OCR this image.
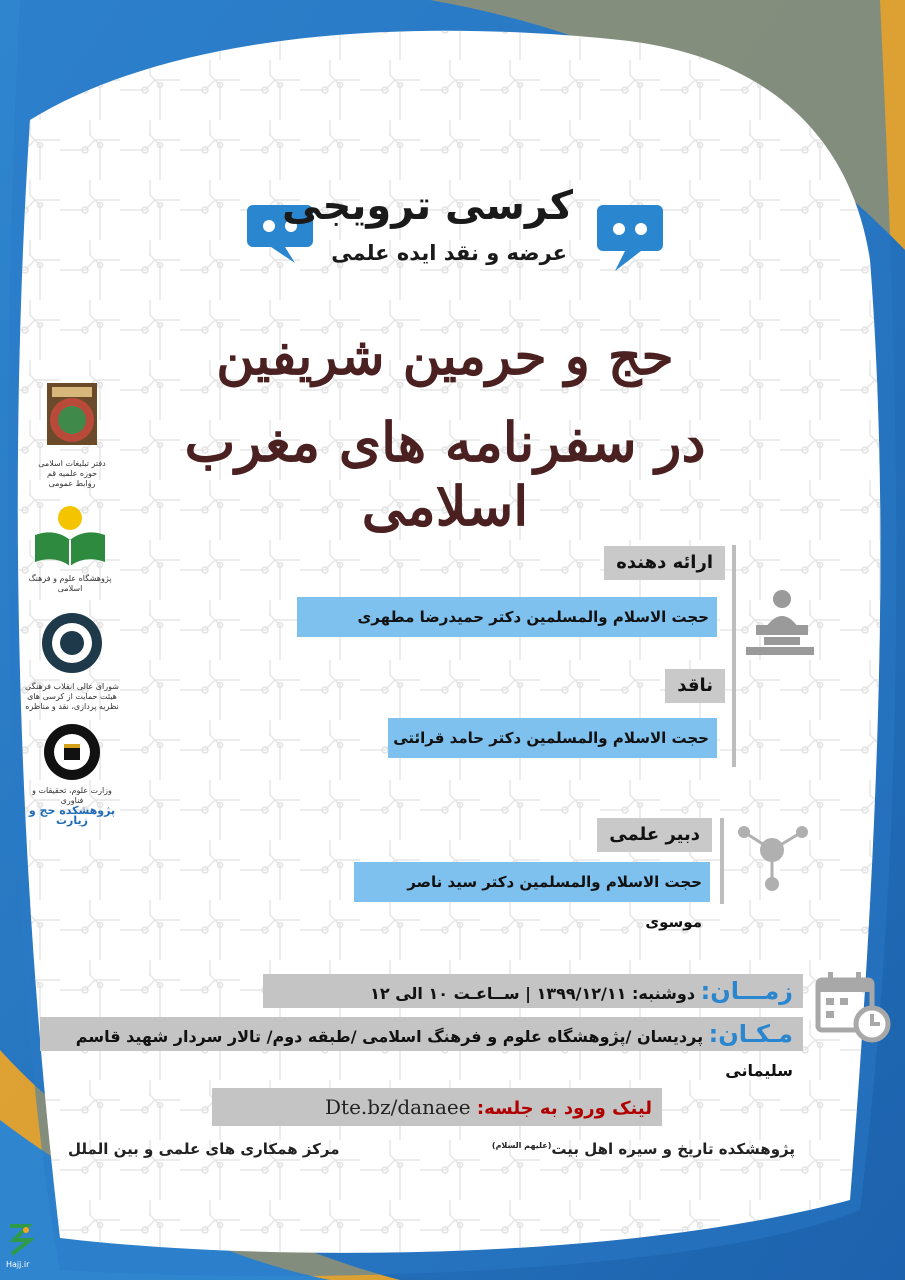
کرسی ترویجی
عرضه و نقد ایده علمی
حج و حرمین شریفین
در سفرنامه های مغرب اسلامی
دفتر تبلیغات اسلامی
حوزه علمیه قم
روابط عمومی
پژوهشگاه علوم و فرهنگ اسلامی
شورای عالی انقلاب فرهنگی
هیئت حمایت از کرسی های
نظریه پردازی، نقد و مناظره
وزارت علوم، تحقیقات و فناوری
پژوهشکده حج و زیارت
ارائه دهنده
حجت الاسلام والمسلمین دکتر حمیدرضا مطهری
ناقد
حجت الاسلام والمسلمین دکتر حامد قرائتی
دبیر علمی
حجت الاسلام والمسلمین دکتر سید ناصر موسوی
زمـــان: دوشنبه: ۱۳۹۹/۱۲/۱۱ | ســاعـت ۱۰ الی ۱۲
مـکـان: پردیسان /پژوهشگاه علوم و فرهنگ اسلامی /طبقه دوم/ تالار سردار شهید قاسم سلیمانی
لینک ورود به جلسه: Dte.bz/danaee
پژوهشکده تاریخ و سیره اهل بیت$^{(علیهم السلام)}$
مرکز همکاری های علمی و بین الملل
Hajj.ir
